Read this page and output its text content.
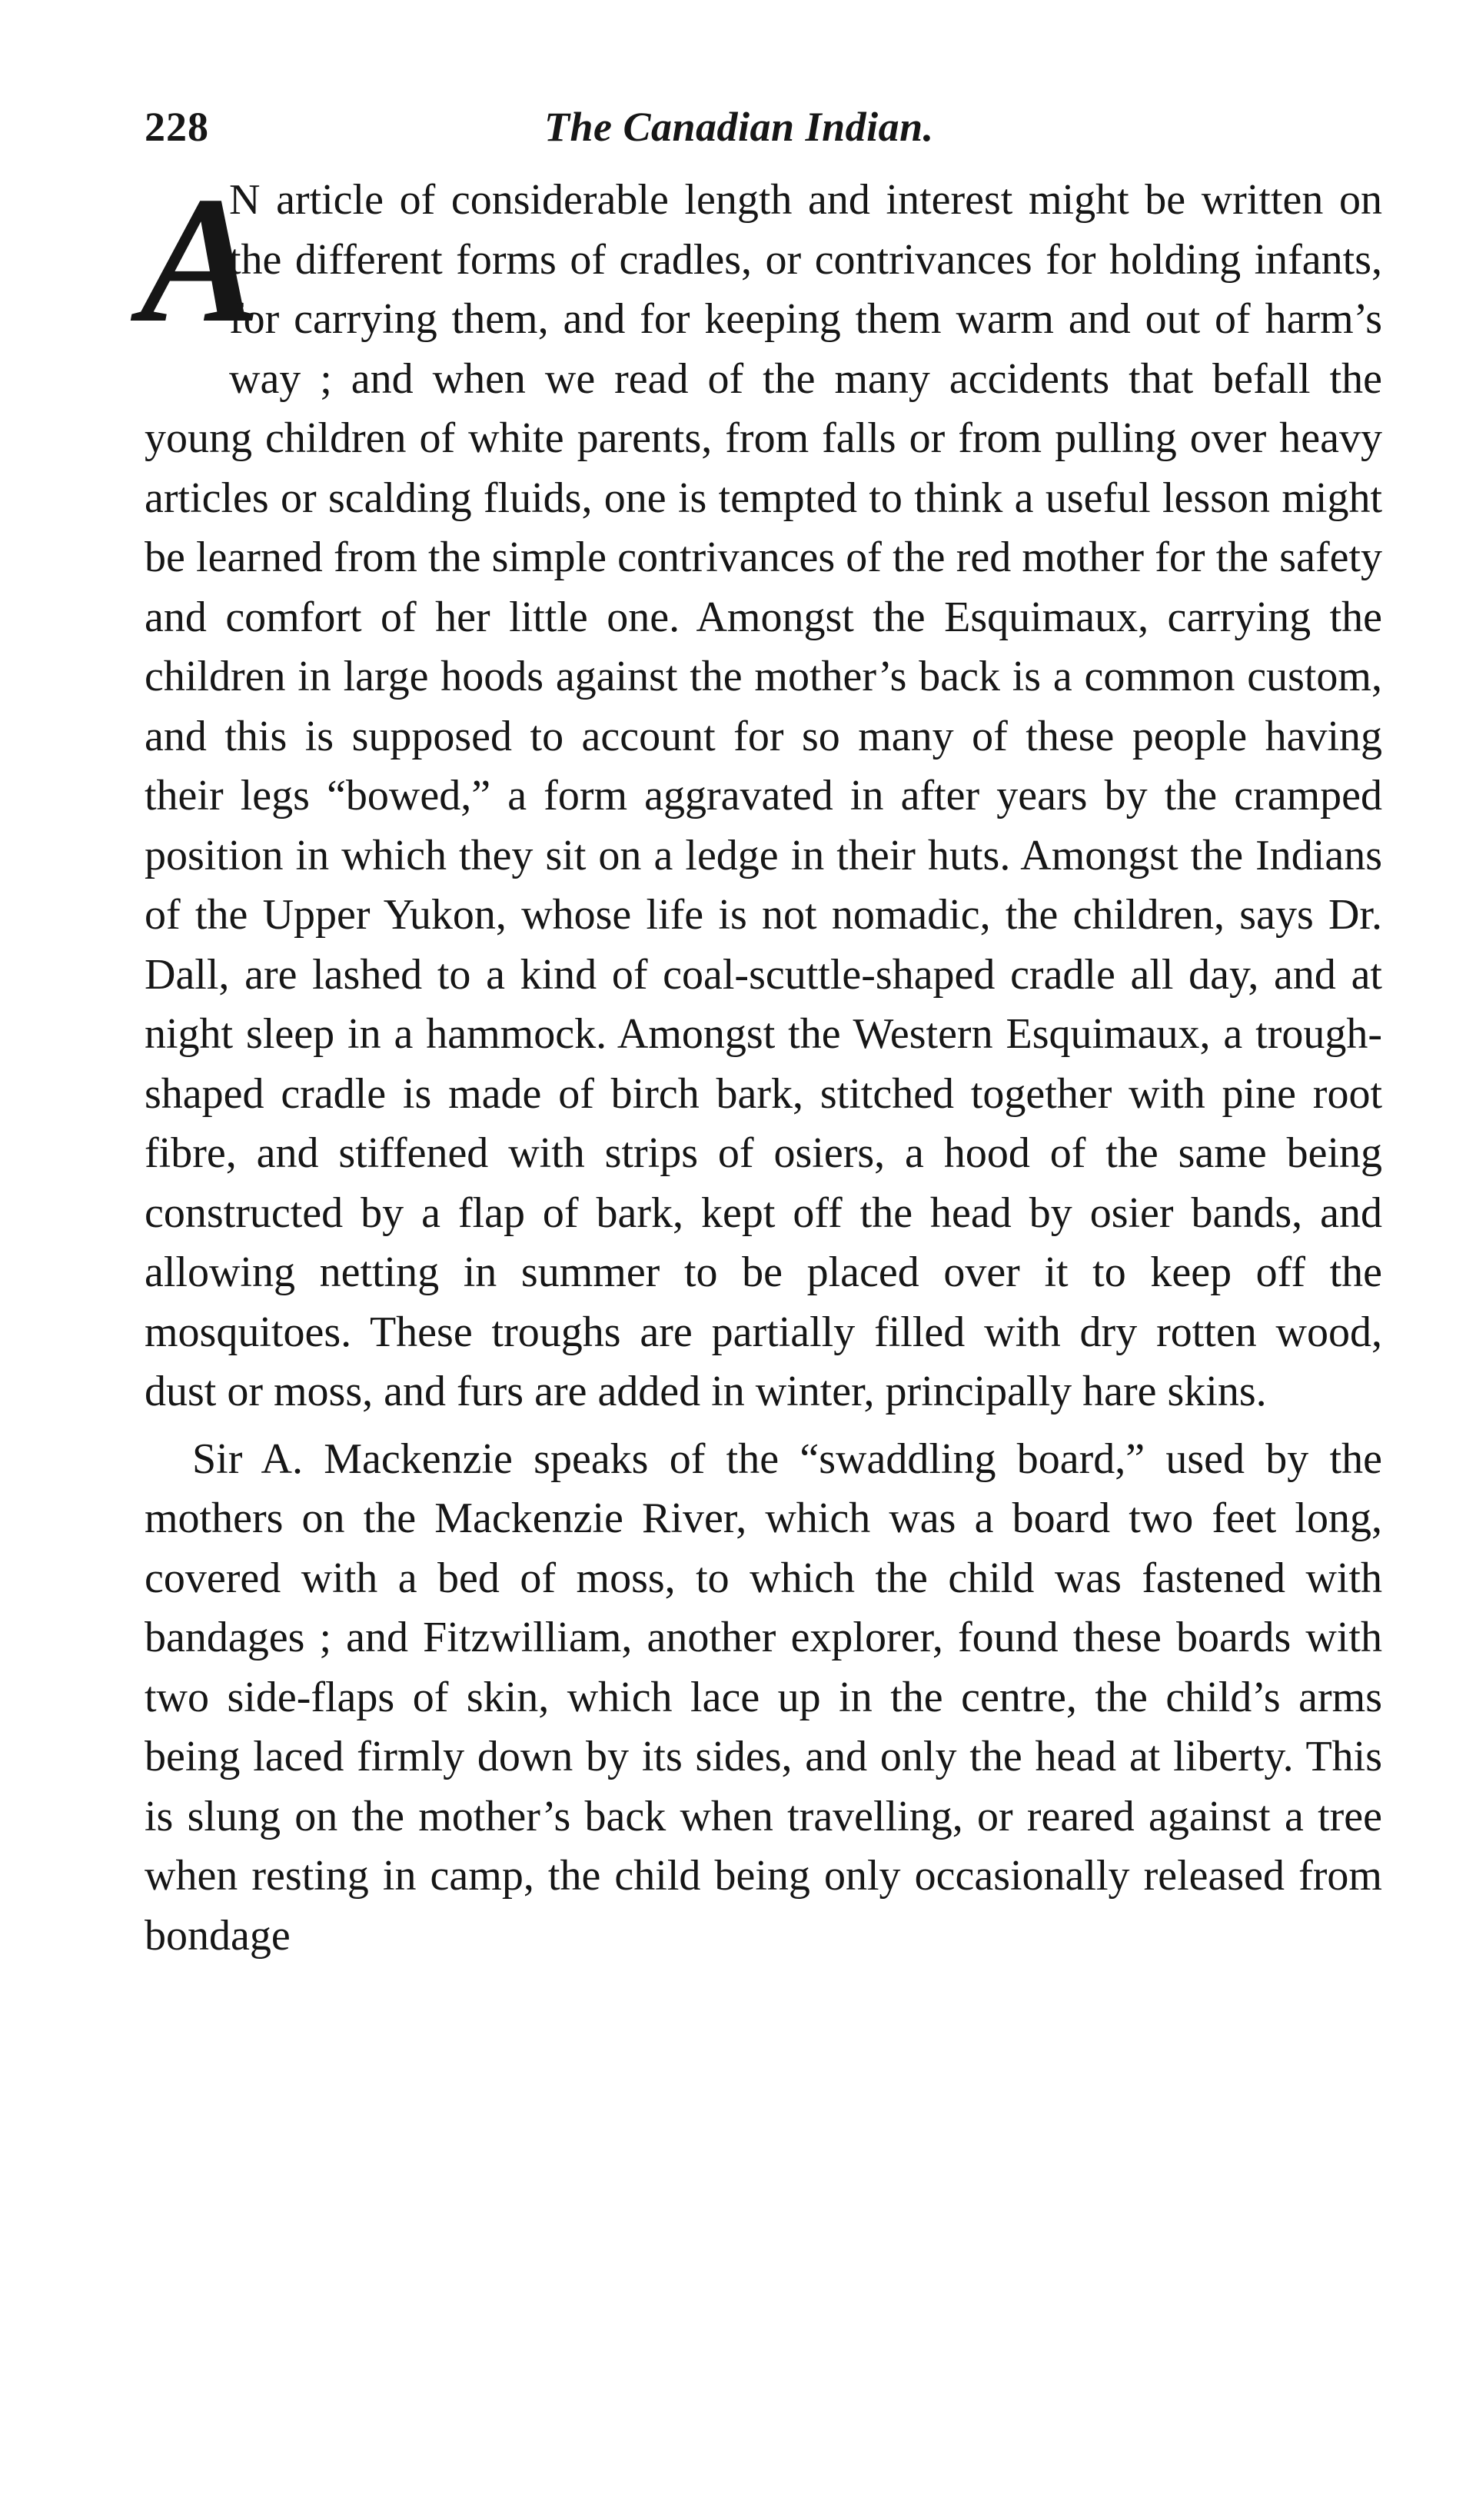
228	The Canadian Indian.

A
N article of considerable length and interest might be written on the different forms of cradles, or contrivances for holding infants, for carrying them, and for keeping them warm and out of harm’s way ; and when we read of the many accidents that befall the young children of white parents, from falls or from pulling over heavy articles or scalding fluids, one is tempted to think a useful lesson might be learned from the simple contrivances of the red mother for the safety and comfort of her little one. Amongst the Esquimaux, carrying the children in large hoods against the mother’s back is a common custom, and this is supposed to account for so many of these people having their legs “bowed,” a form aggravated in after years by the cramped position in which they sit on a ledge in their huts. Amongst the Indians of the Upper Yukon, whose life is not nomadic, the children, says Dr. Dall, are lashed to a kind of coal-scuttle-shaped cradle all day, and at night sleep in a hammock. Amongst the Western Esquimaux, a trough-shaped cradle is made of birch bark, stitched together with pine root fibre, and stiffened with strips of osiers, a hood of the same being constructed by a flap of bark, kept off the head by osier bands, and allowing netting in summer to be placed over it to keep off the mosquitoes. These troughs are partially filled with dry rotten wood, dust or moss, and furs are added in winter, principally hare skins.

Sir A. Mackenzie speaks of the “swaddling board,” used by the mothers on the Mackenzie River, which was a board two feet long, covered with a bed of moss, to which the child was fastened with bandages ; and Fitzwilliam, another explorer, found these boards with two side-flaps of skin, which lace up in the centre, the child’s arms being laced firmly down by its sides, and only the head at liberty. This is slung on the mother’s back when travelling, or reared against a tree when resting in camp, the child being only occasionally released from bondage
